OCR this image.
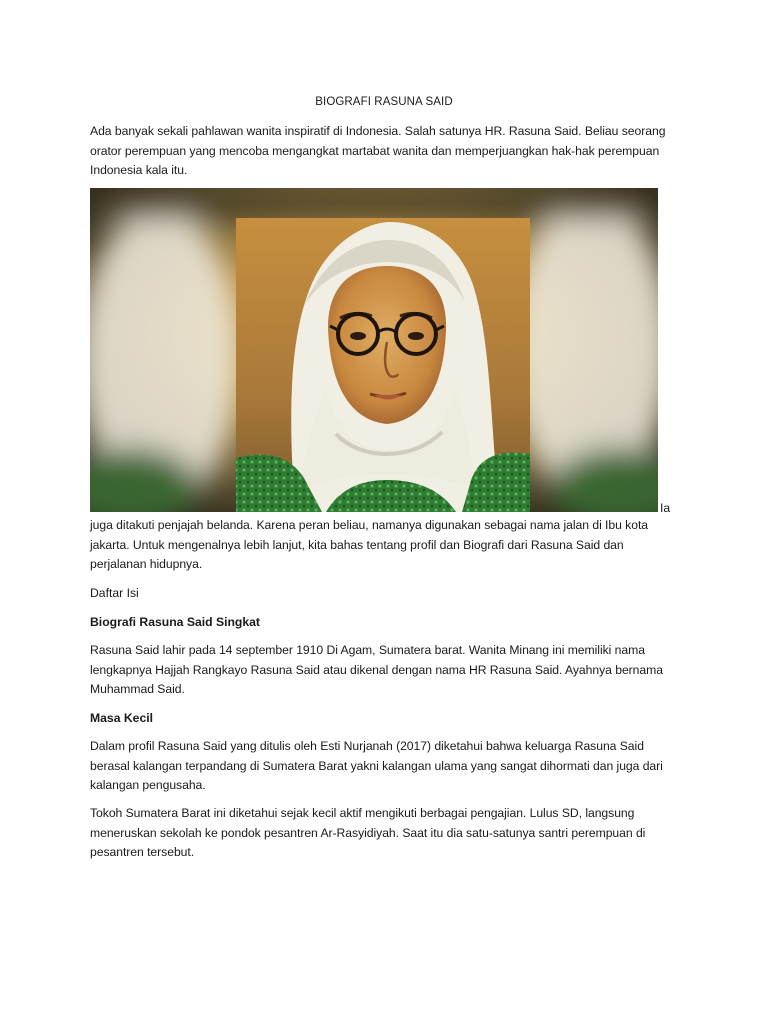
BIOGRAFI RASUNA SAID

Ada banyak sekali pahlawan wanita inspiratif di Indonesia. Salah satunya HR. Rasuna Said. Beliau seorang orator perempuan yang mencoba mengangkat martabat wanita dan memperjuangkan hak-hak perempuan Indonesia kala itu.

Ia

juga ditakuti penjajah belanda. Karena peran beliau, namanya digunakan sebagai nama jalan di Ibu kota jakarta. Untuk mengenalnya lebih lanjut, kita bahas tentang profil dan Biografi dari Rasuna Said dan perjalanan hidupnya.

Daftar Isi

Biografi Rasuna Said Singkat

Rasuna Said lahir pada 14 september 1910 Di Agam, Sumatera barat. Wanita Minang ini memiliki nama lengkapnya Hajjah Rangkayo Rasuna Said atau dikenal dengan nama HR Rasuna Said. Ayahnya bernama Muhammad Said.

Masa Kecil

Dalam profil Rasuna Said yang ditulis oleh Esti Nurjanah (2017) diketahui bahwa keluarga Rasuna Said berasal kalangan terpandang di Sumatera Barat yakni kalangan ulama yang sangat dihormati dan juga dari kalangan pengusaha.

Tokoh Sumatera Barat ini diketahui sejak kecil aktif mengikuti berbagai pengajian. Lulus SD, langsung meneruskan sekolah ke pondok pesantren Ar-Rasyidiyah. Saat itu dia satu-satunya santri perempuan di pesantren tersebut.
